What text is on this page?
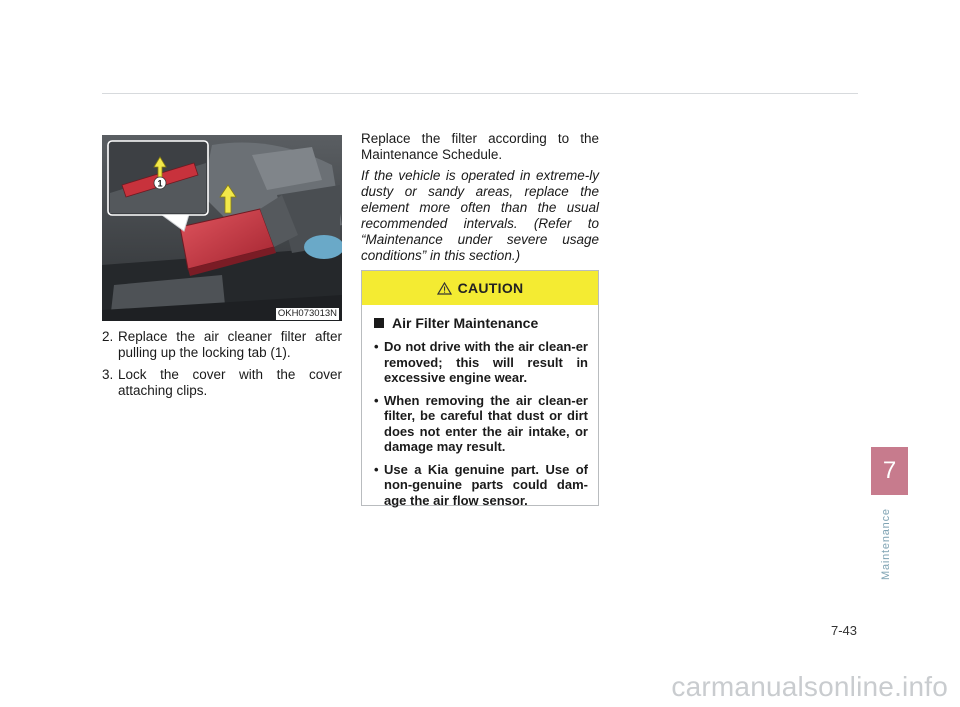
1
OKH073013N
2. Replace the air cleaner filter after pulling up the locking tab (1).
3. Lock the cover with the cover attaching clips.

Replace the filter according to the Maintenance Schedule.

If the vehicle is operated in extreme-ly dusty or sandy areas, replace the element more often than the usual recommended intervals. (Refer to “Maintenance under severe usage conditions” in this section.)

CAUTION
Air Filter Maintenance
• Do not drive with the air clean-er removed; this will result in excessive engine wear.
• When removing the air clean-er filter, be careful that dust or dirt does not enter the air intake, or damage may result.
• Use a Kia genuine part. Use of non-genuine parts could dam-age the air flow sensor.
7
Maintenance
7-43
carmanualsonline.info
